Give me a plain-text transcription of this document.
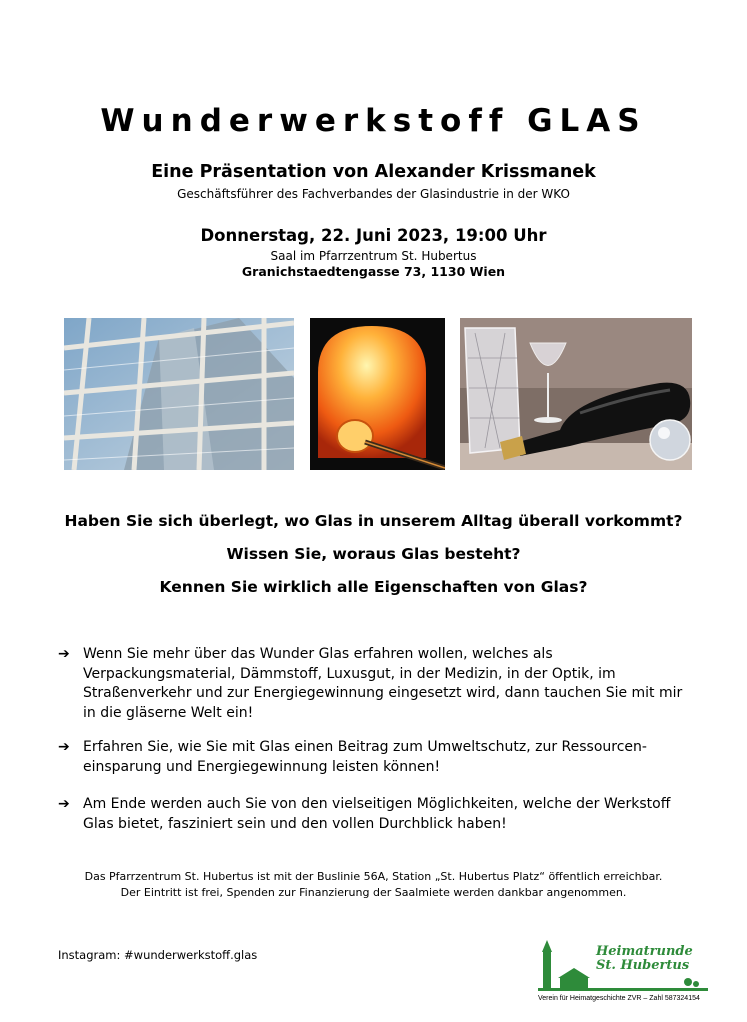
Wunderwerkstoff GLAS
Eine Präsentation von Alexander Krissmanek
Geschäftsführer des Fachverbandes der Glasindustrie in der WKO
Donnerstag, 22. Juni 2023, 19:00 Uhr
Saal im Pfarrzentrum St. Hubertus
Granichstaedtengasse 73, 1130 Wien
Haben Sie sich überlegt, wo Glas in unserem Alltag überall vorkommt?
Wissen Sie, woraus Glas besteht?
Kennen Sie wirklich alle Eigenschaften von Glas?
➔ Wenn Sie mehr über das Wunder Glas erfahren wollen, welches als
Verpackungsmaterial, Dämmstoff, Luxusgut, in der Medizin, in der Optik, im
Straßenverkehr und zur Energiegewinnung eingesetzt wird, dann tauchen Sie mit mir
in die gläserne Welt ein!
➔ Erfahren Sie, wie Sie mit Glas einen Beitrag zum Umweltschutz, zur Ressourcen-
einsparung und Energiegewinnung leisten können!
➔ Am Ende werden auch Sie von den vielseitigen Möglichkeiten, welche der Werkstoff
Glas bietet, fasziniert sein und den vollen Durchblick haben!
Das Pfarrzentrum St. Hubertus ist mit der Buslinie 56A, Station „St. Hubertus Platz“ öffentlich erreichbar.
Der Eintritt ist frei, Spenden zur Finanzierung der Saalmiete werden dankbar angenommen.
Instagram: #wunderwerkstoff.glas	Heimatrunde
St. Hubertus
Verein für Heimatgeschichte ZVR – Zahl 587324154
